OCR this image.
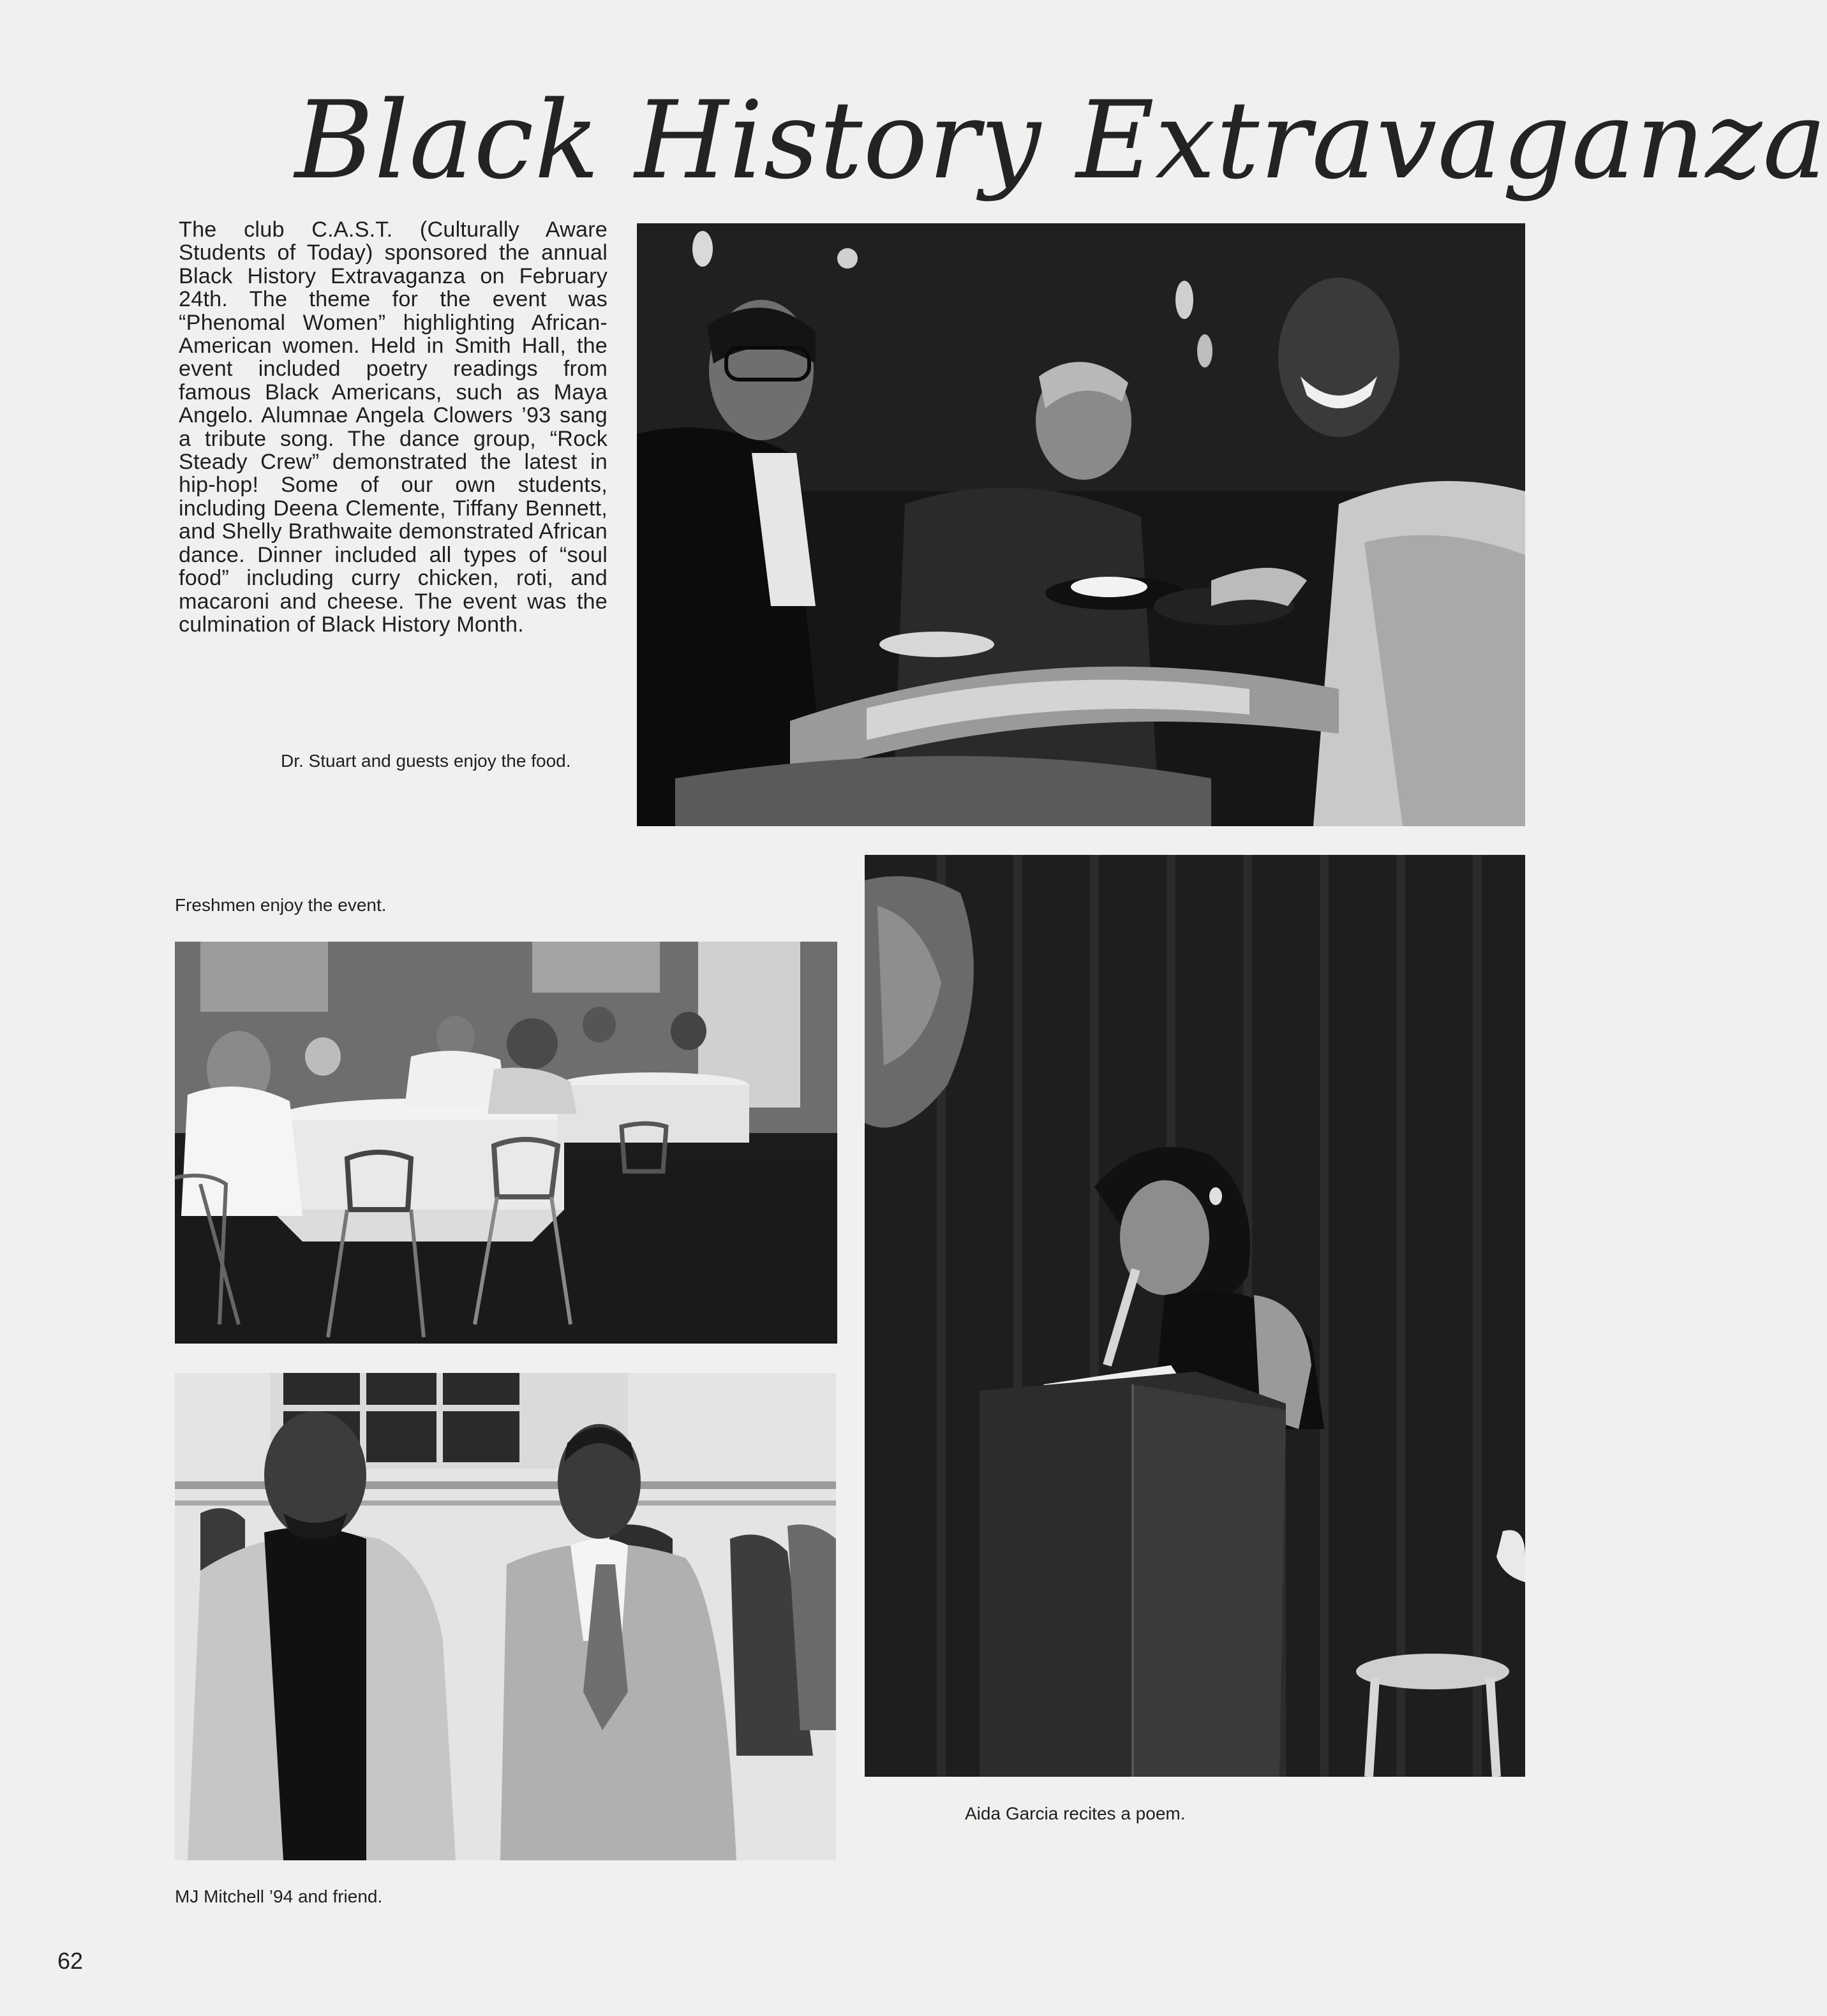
Black History Extravaganza
The club C.A.S.T. (Culturally Aware Students of Today) sponsored the annual Black History Extravaganza on February 24th. The theme for the event was “Phenomal Women” highlighting African-American women. Held in Smith Hall, the event included poetry readings from famous Black Americans, such as Maya Angelo. Alumnae Angela Clowers ’93 sang a tribute song. The dance group, “Rock Steady Crew” demonstrated the latest in hip-hop! Some of our own students, including Deena Clemente, Tiffany Bennett, and Shelly Brathwaite demonstrated African dance. Dinner included all types of “soul food” including curry chicken, roti, and macaroni and cheese. The event was the culmination of Black History Month.
Dr. Stuart and guests enjoy the food.
Freshmen enjoy the event.
Aida Garcia recites a poem.
MJ Mitchell ’94 and friend.
62
